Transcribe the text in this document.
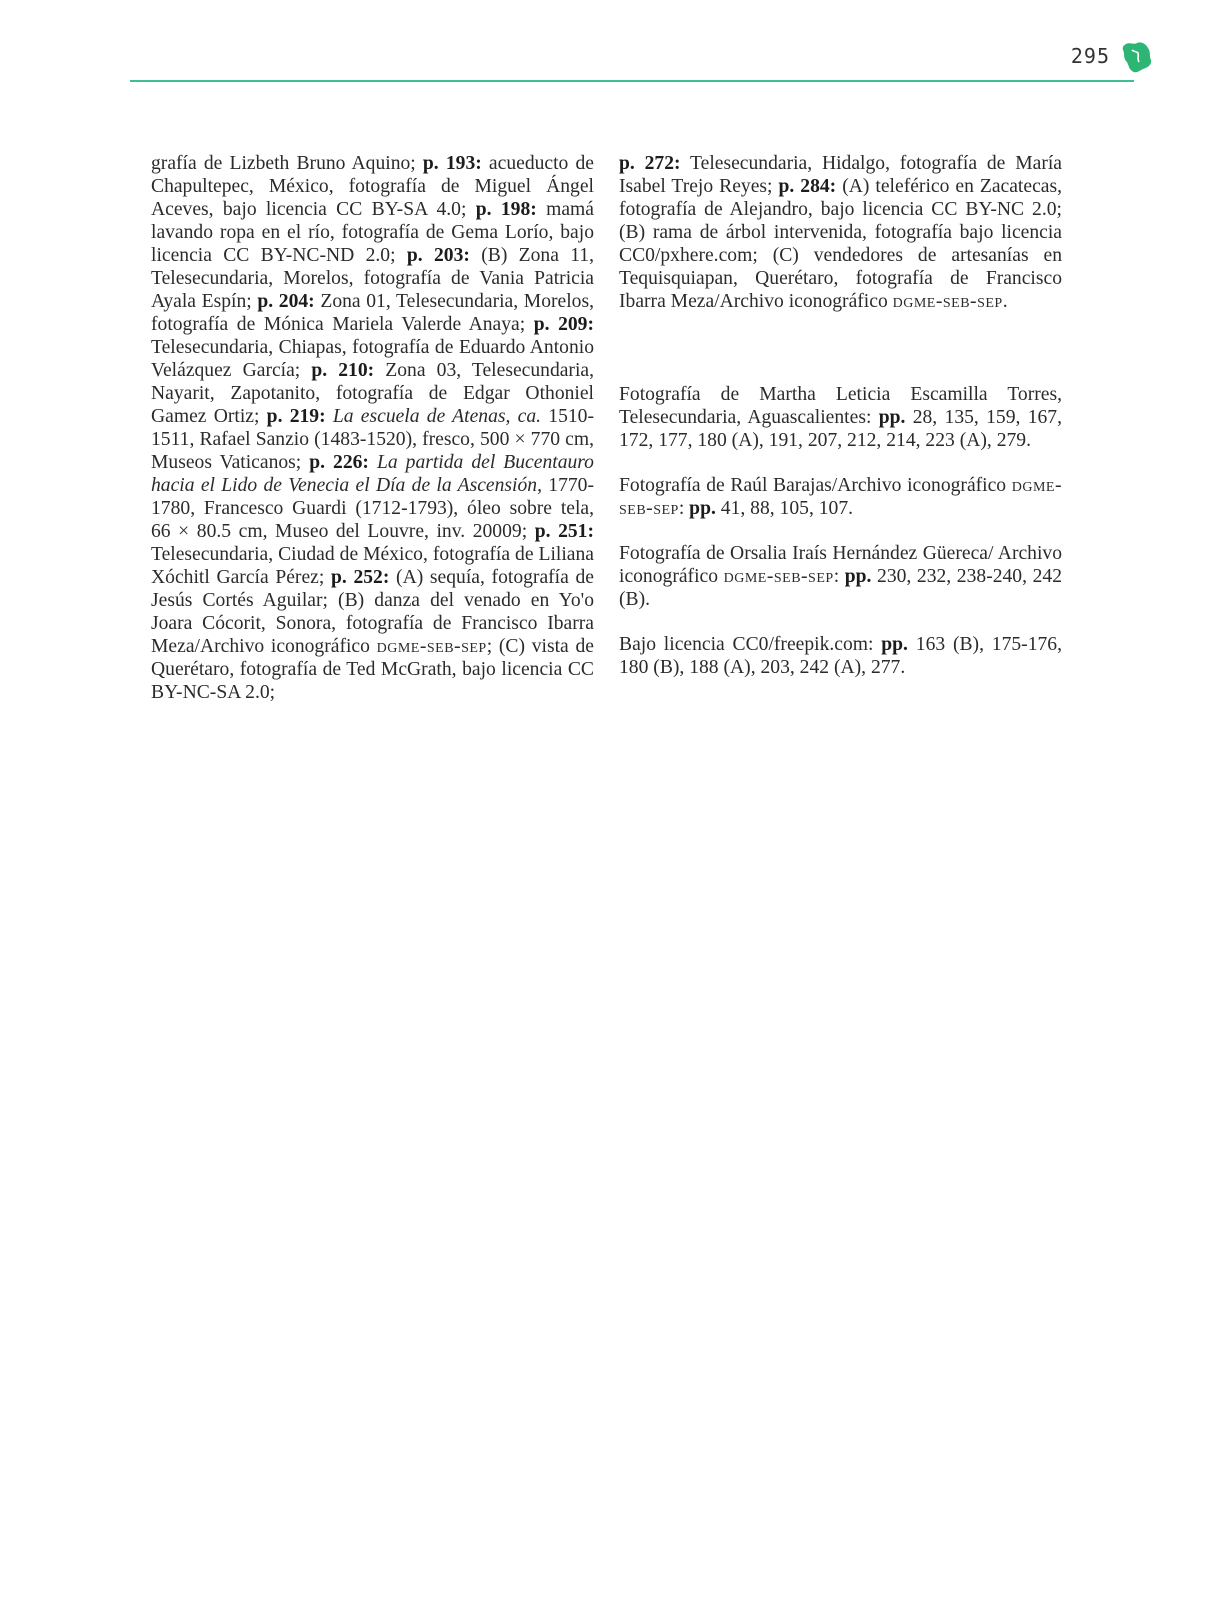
295

grafía de Lizbeth Bruno Aquino; p. 193: acueducto de Chapultepec, México, fotografía de Miguel Ángel Aceves, bajo licencia CC BY-SA 4.0; p. 198: mamá lavando ropa en el río, fotografía de Gema Lorío, bajo licencia CC BY-NC-ND 2.0; p. 203: (B) Zona 11, Telesecundaria, Morelos, fotografía de Vania Patricia Ayala Espín; p. 204: Zona 01, Telesecundaria, Morelos, fotografía de Mónica Mariela Valerde Anaya; p. 209: Telesecundaria, Chiapas, fotografía de Eduardo Antonio Velázquez García; p. 210: Zona 03, Telesecundaria, Nayarit, Zapotanito, fotografía de Edgar Othoniel Gamez Ortiz; p. 219: La escuela de Atenas, ca. 1510-1511, Rafael Sanzio (1483-1520), fresco, 500 × 770 cm, Museos Vaticanos; p. 226: La partida del Bucentauro hacia el Lido de Venecia el Día de la Ascensión, 1770-1780, Francesco Guardi (1712-1793), óleo sobre tela, 66 × 80.5 cm, Museo del Louvre, inv. 20009; p. 251: Telesecundaria, Ciudad de México, fotografía de Liliana Xóchitl García Pérez; p. 252: (A) sequía, fotografía de Jesús Cortés Aguilar; (B) danza del venado en Yo'o Joara Cócorit, Sonora, fotografía de Francisco Ibarra Meza/Archivo iconográfico dgme-seb-sep; (C) vista de Querétaro, fotografía de Ted McGrath, bajo licencia CC BY-NC-SA 2.0;

p. 272: Telesecundaria, Hidalgo, fotografía de María Isabel Trejo Reyes; p. 284: (A) teleférico en Zacatecas, fotografía de Alejandro, bajo licencia CC BY-NC 2.0; (B) rama de árbol intervenida, fotografía bajo licencia CC0/pxhere.com; (C) vendedores de artesanías en Tequisquiapan, Querétaro, fotografía de Francisco Ibarra Meza/Archivo iconográfico dgme-seb-sep.

Fotografía de Martha Leticia Escamilla Torres, Telesecundaria, Aguascalientes: pp. 28, 135, 159, 167, 172, 177, 180 (A), 191, 207, 212, 214, 223 (A), 279.

Fotografía de Raúl Barajas/Archivo iconográfico dgme-seb-sep: pp. 41, 88, 105, 107.

Fotografía de Orsalia Iraís Hernández Güereca/ Archivo iconográfico dgme-seb-sep: pp. 230, 232, 238-240, 242 (B).

Bajo licencia CC0/freepik.com: pp. 163 (B), 175-176, 180 (B), 188 (A), 203, 242 (A), 277.
